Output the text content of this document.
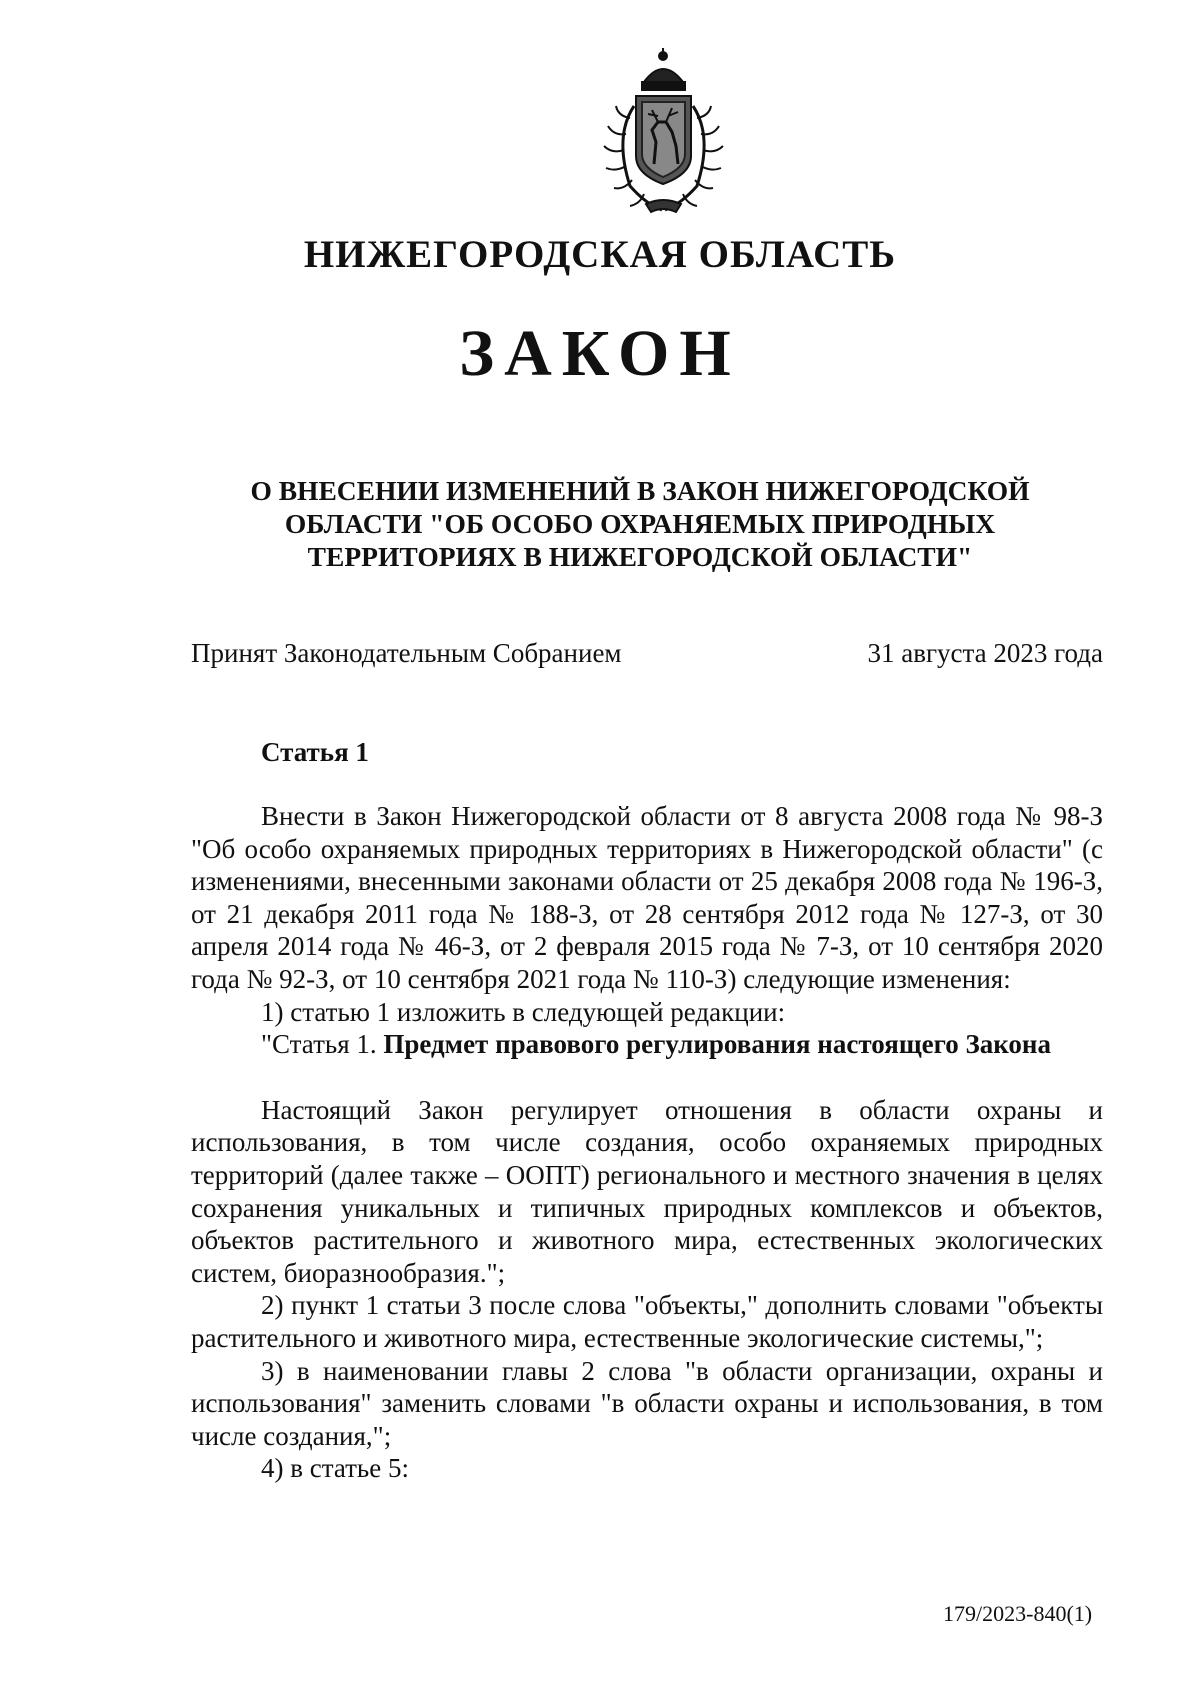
НИЖЕГОРОДСКАЯ ОБЛАСТЬ
ЗАКОН
О ВНЕСЕНИИ ИЗМЕНЕНИЙ В ЗАКОН НИЖЕГОРОДСКОЙ
ОБЛАСТИ "ОБ ОСОБО ОХРАНЯЕМЫХ ПРИРОДНЫХ
ТЕРРИТОРИЯХ В НИЖЕГОРОДСКОЙ ОБЛАСТИ"
Принят Законодательным Собранием	31 августа 2023 года
Статья 1

Внести в Закон Нижегородской области от 8 августа 2008 года № 98-З "Об особо охраняемых природных территориях в Нижегородской области" (с изменениями, внесенными законами области от 25 декабря 2008 года № 196-З, от 21 декабря 2011 года № 188-З, от 28 сентября 2012 года № 127-З, от 30 апреля 2014 года № 46-З, от 2 февраля 2015 года № 7-З, от 10 сентября 2020 года № 92-З, от 10 сентября 2021 года № 110-З) следующие изменения:

1) статью 1 изложить в следующей редакции:

"Статья 1. Предмет правового регулирования настоящего Закона

Настоящий Закон регулирует отношения в области охраны и использования, в том числе создания, особо охраняемых природных территорий (далее также – ООПТ) регионального и местного значения в целях сохранения уникальных и типичных природных комплексов и объектов, объектов растительного и животного мира, естественных экологических систем, биоразнообразия.";

2) пункт 1 статьи 3 после слова "объекты," дополнить словами "объекты растительного и животного мира, естественные экологические системы,";

3) в наименовании главы 2 слова "в области организации, охраны и использования" заменить словами "в области охраны и использования, в том числе создания,";

4) в статье 5:

179/2023-840(1)
